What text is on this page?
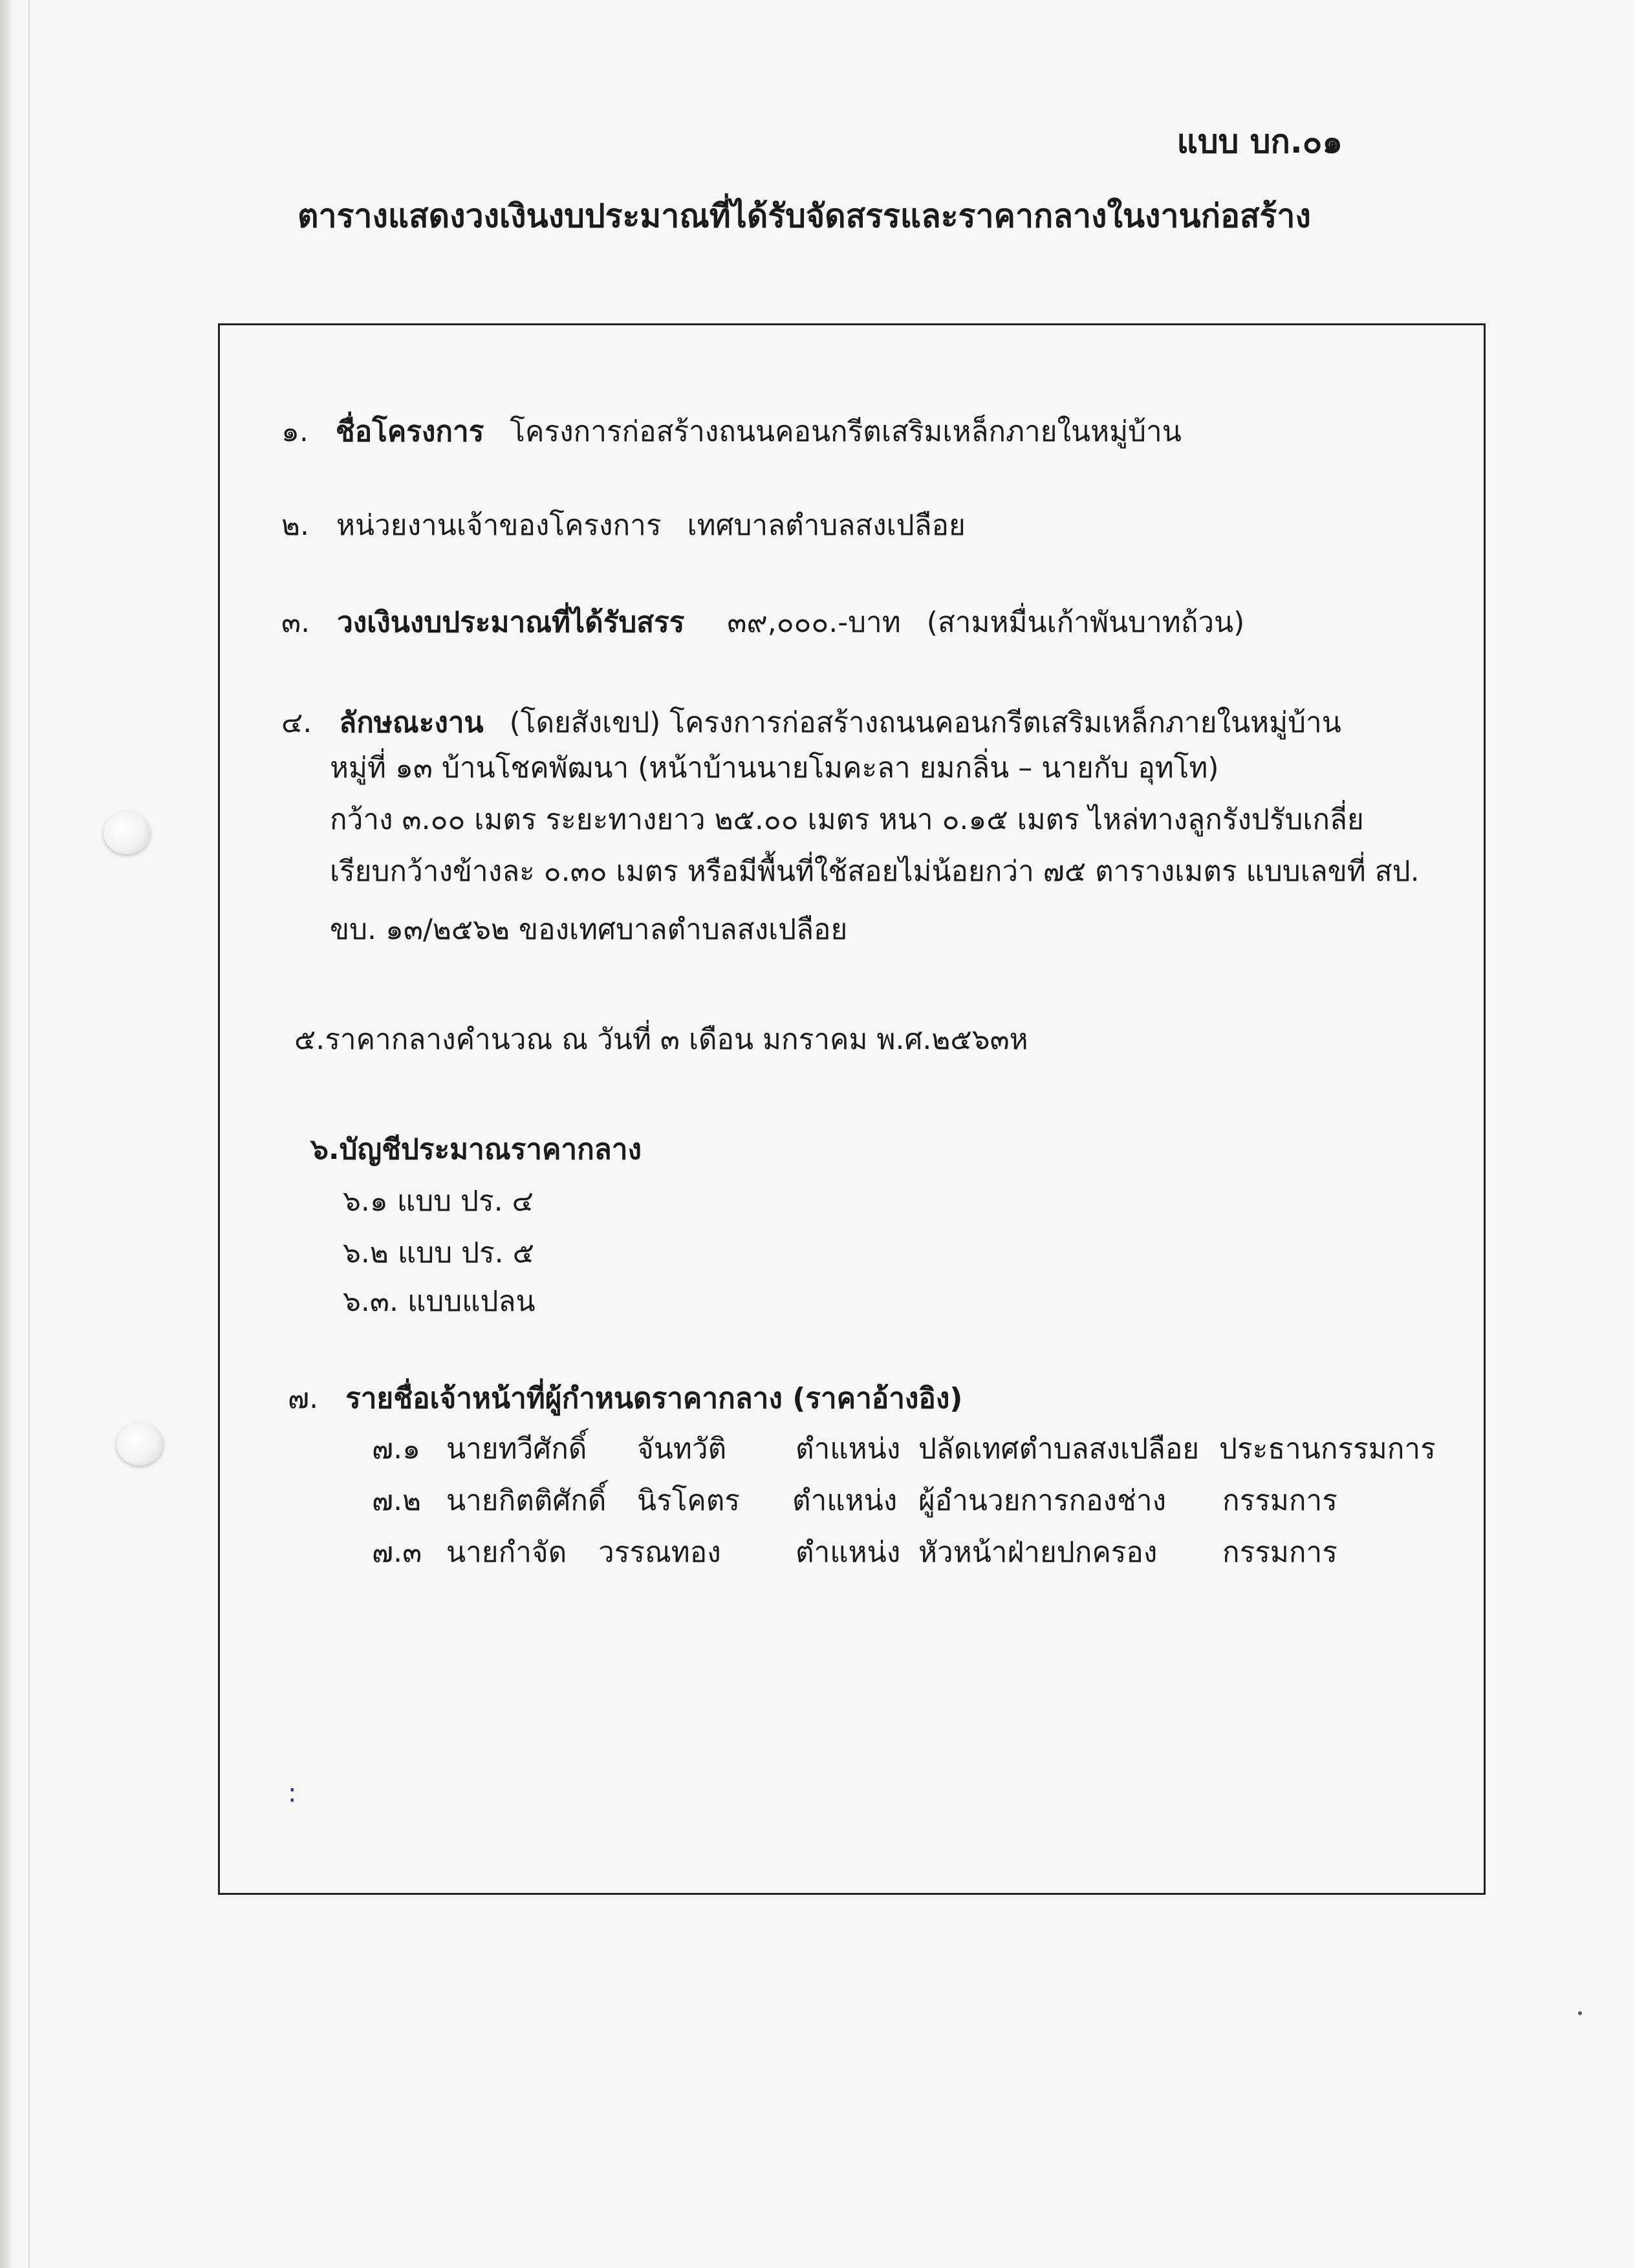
แบบ บก.๐๑
ตารางแสดงวงเงินงบประมาณที่ได้รับจัดสรรและราคากลางในงานก่อสร้าง
๑. ชื่อโครงการ โครงการก่อสร้างถนนคอนกรีตเสริมเหล็กภายในหมู่บ้าน
๒. หน่วยงานเจ้าของโครงการ เทศบาลตำบลสงเปลือย
๓. วงเงินงบประมาณที่ได้รับสรร ๓๙,๐๐๐.-บาท (สามหมื่นเก้าพันบาทถ้วน)
๔. ลักษณะงาน (โดยสังเขป) โครงการก่อสร้างถนนคอนกรีตเสริมเหล็กภายในหมู่บ้าน
หมู่ที่ ๑๓ บ้านโชคพัฒนา (หน้าบ้านนายโมคะลา ยมกลิ่น – นายกับ อุทโท)
กว้าง ๓.๐๐ เมตร ระยะทางยาว ๒๕.๐๐ เมตร หนา ๐.๑๕ เมตร ไหล่ทางลูกรังปรับเกลี่ย
เรียบกว้างข้างละ ๐.๓๐ เมตร หรือมีพื้นที่ใช้สอยไม่น้อยกว่า ๗๕ ตารางเมตร แบบเลขที่ สป.
ขบ. ๑๓/๒๕๖๒ ของเทศบาลตำบลสงเปลือย
๕.ราคากลางคำนวณ ณ วันที่ ๓ เดือน มกราคม พ.ศ.๒๕๖๓ห
๖.บัญชีประมาณราคากลาง
๖.๑ แบบ ปร. ๔
๖.๒ แบบ ปร. ๕
๖.๓. แบบแปลน
๗. รายชื่อเจ้าหน้าที่ผู้กำหนดราคากลาง (ราคาอ้างอิง)
๗.๑ นายทวีศักดิ์ จันทวัติ ตำแหน่ง ปลัดเทศตำบลสงเปลือย ประธานกรรมการ
๗.๒ นายกิตติศักดิ์ นิรโคตร ตำแหน่ง ผู้อำนวยการกองช่าง กรรมการ
๗.๓ นายกำจัด วรรณทอง	ตำแหน่ง หัวหน้าฝ่ายปกครอง กรรมการ
:
